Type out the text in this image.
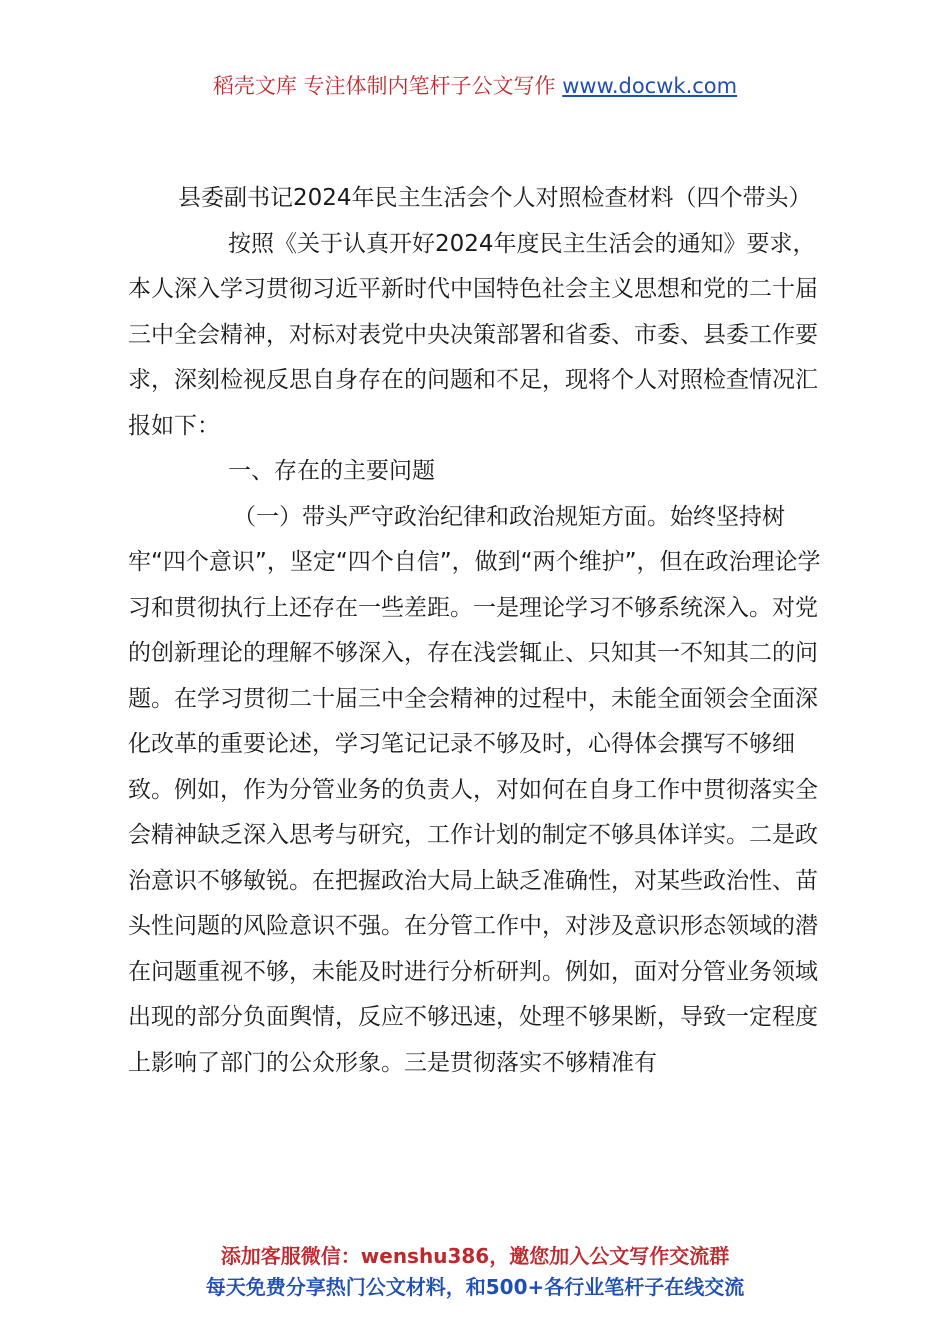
稻壳文库 专注体制内笔杆子公文写作 www.docwk.com

县委副书记2024年民主生活会个人对照检查材料（四个带头）

按照《关于认真开好2024年度民主生活会的通知》要求，本人深入学习贯彻习近平新时代中国特色社会主义思想和党的二十届三中全会精神，对标对表党中央决策部署和省委、市委、县委工作要求，深刻检视反思自身存在的问题和不足，现将个人对照检查情况汇报如下：

一、存在的主要问题

（一）带头严守政治纪律和政治规矩方面。始终坚持树牢“四个意识”，坚定“四个自信”，做到“两个维护”，但在政治理论学习和贯彻执行上还存在一些差距。一是理论学习不够系统深入。对党的创新理论的理解不够深入，存在浅尝辄止、只知其一不知其二的问题。在学习贯彻二十届三中全会精神的过程中，未能全面领会全面深化改革的重要论述，学习笔记记录不够及时，心得体会撰写不够细致。例如，作为分管业务的负责人，对如何在自身工作中贯彻落实全会精神缺乏深入思考与研究，工作计划的制定不够具体详实。二是政治意识不够敏锐。在把握政治大局上缺乏准确性，对某些政治性、苗头性问题的风险意识不强。在分管工作中，对涉及意识形态领域的潜在问题重视不够，未能及时进行分析研判。例如，面对分管业务领域出现的部分负面舆情，反应不够迅速，处理不够果断，导致一定程度上影响了部门的公众形象。三是贯彻落实不够精准有

添加客服微信：wenshu386，邀您加入公文写作交流群
每天免费分享热门公文材料，和500+各行业笔杆子在线交流
